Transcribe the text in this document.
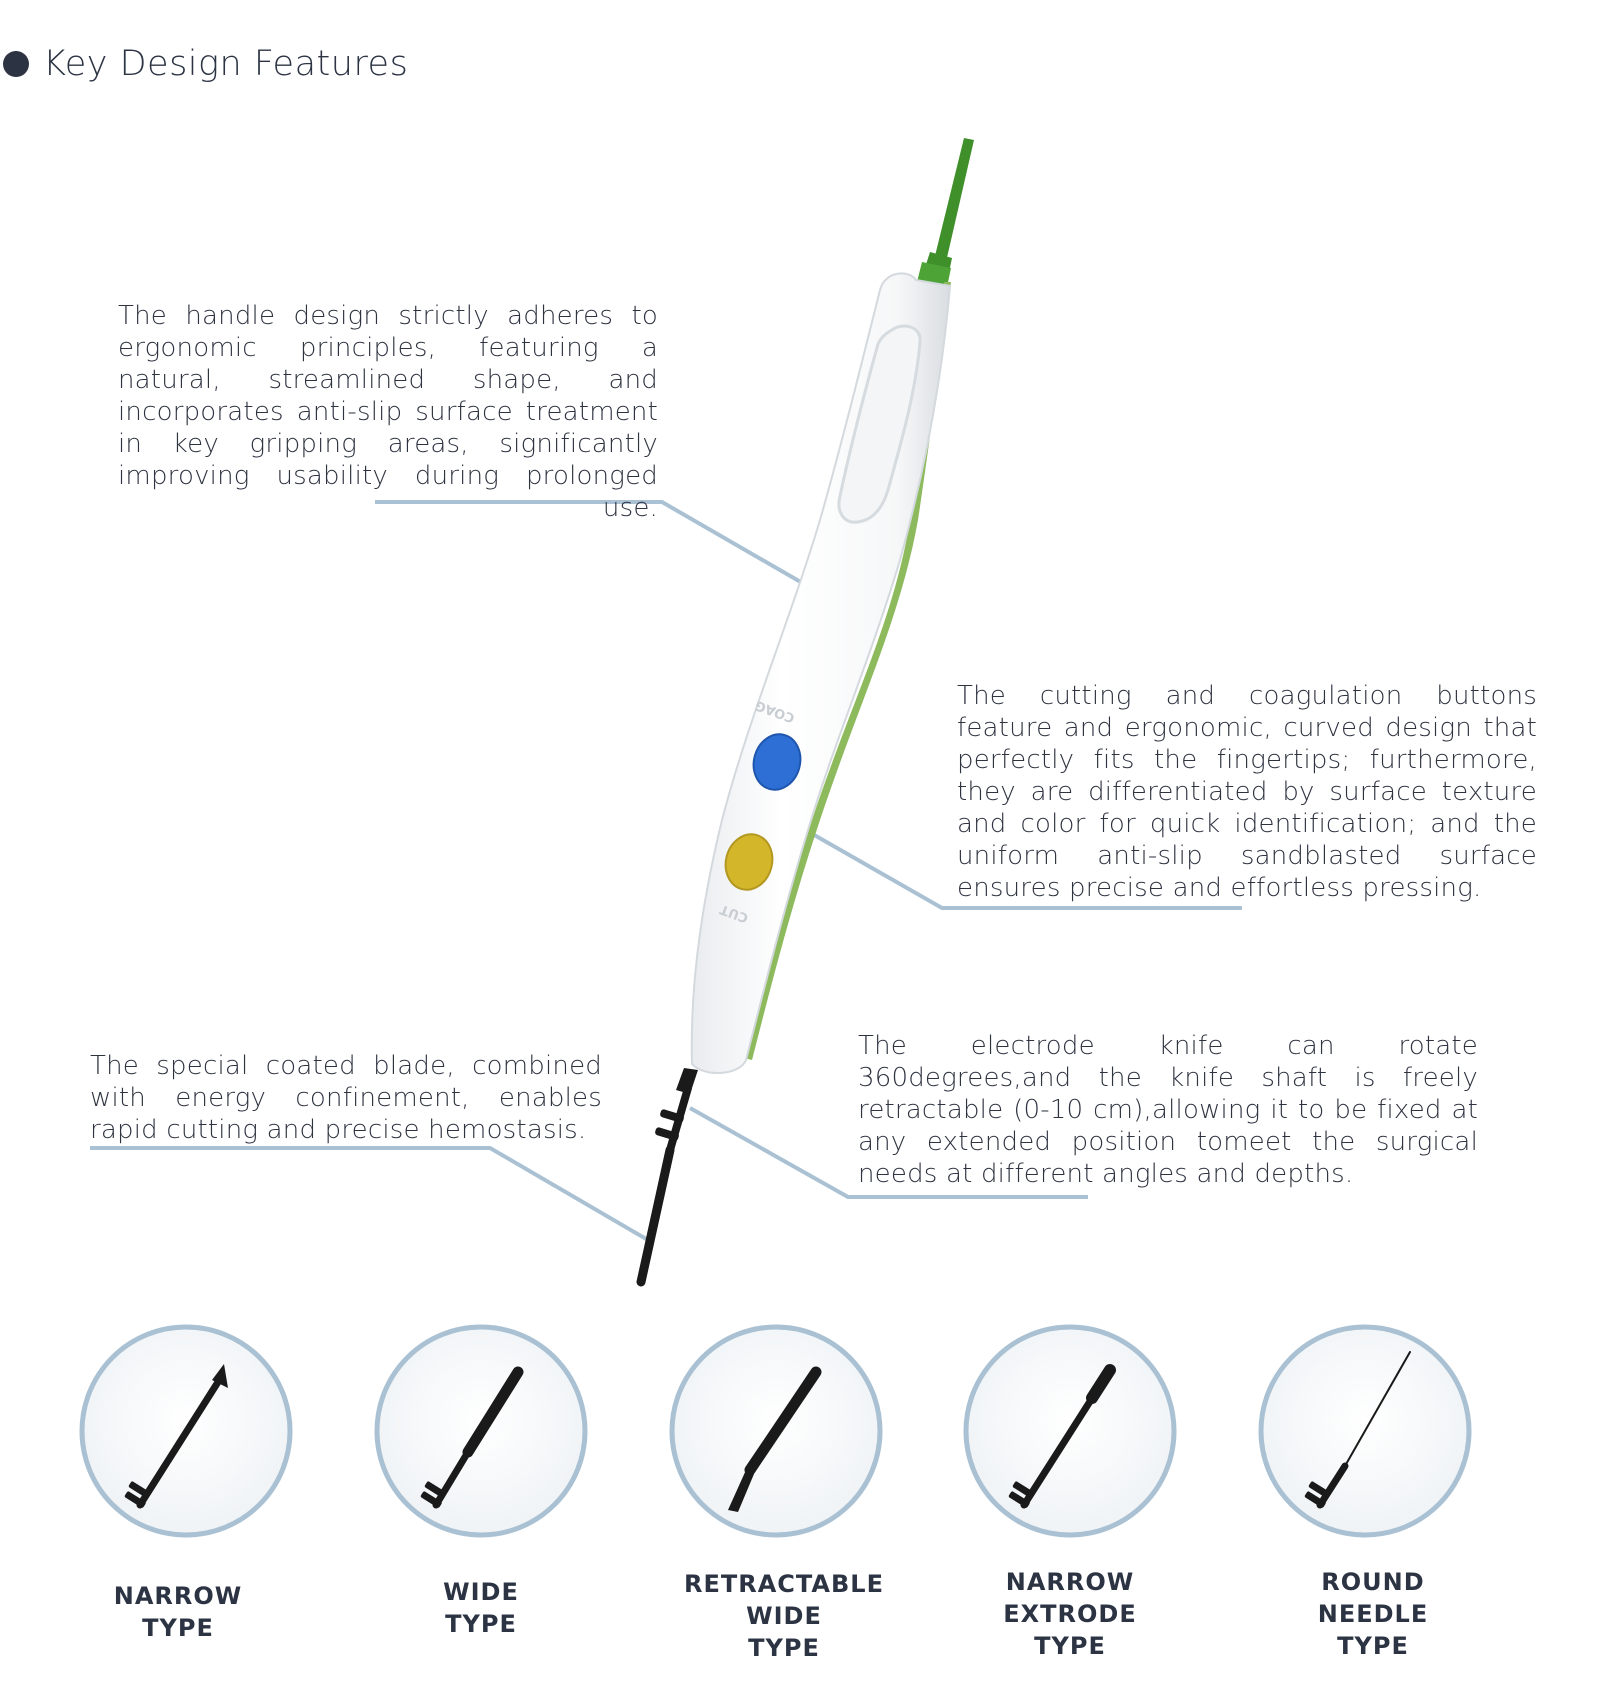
Key Design Features
COAG
CUT
The handle design strictly adheres to ergonomic principles, featuring a natural, streamlined shape, and incorporates anti-slip surface treatment in key gripping areas, significantly improving usability during prolonged use.
The cutting and coagulation buttons feature and ergonomic, curved design that perfectly fits the fingertips; furthermore, they are differentiated by surface texture and color for quick identification; and the uniform anti-slip sandblasted surface ensures precise and effortless pressing.
The special coated blade, combined with energy confinement, enables rapid cutting and precise hemostasis.
The electrode knife can rotate 360degrees,and the knife shaft is freely retractable (0-10 cm),allowing it to be fixed at any extended position tomeet the surgical needs at different angles and depths.
NARROW
TYPE
WIDE
TYPE
RETRACTABLE
WIDE
TYPE
NARROW
EXTRODE
TYPE
ROUND
NEEDLE
TYPE
